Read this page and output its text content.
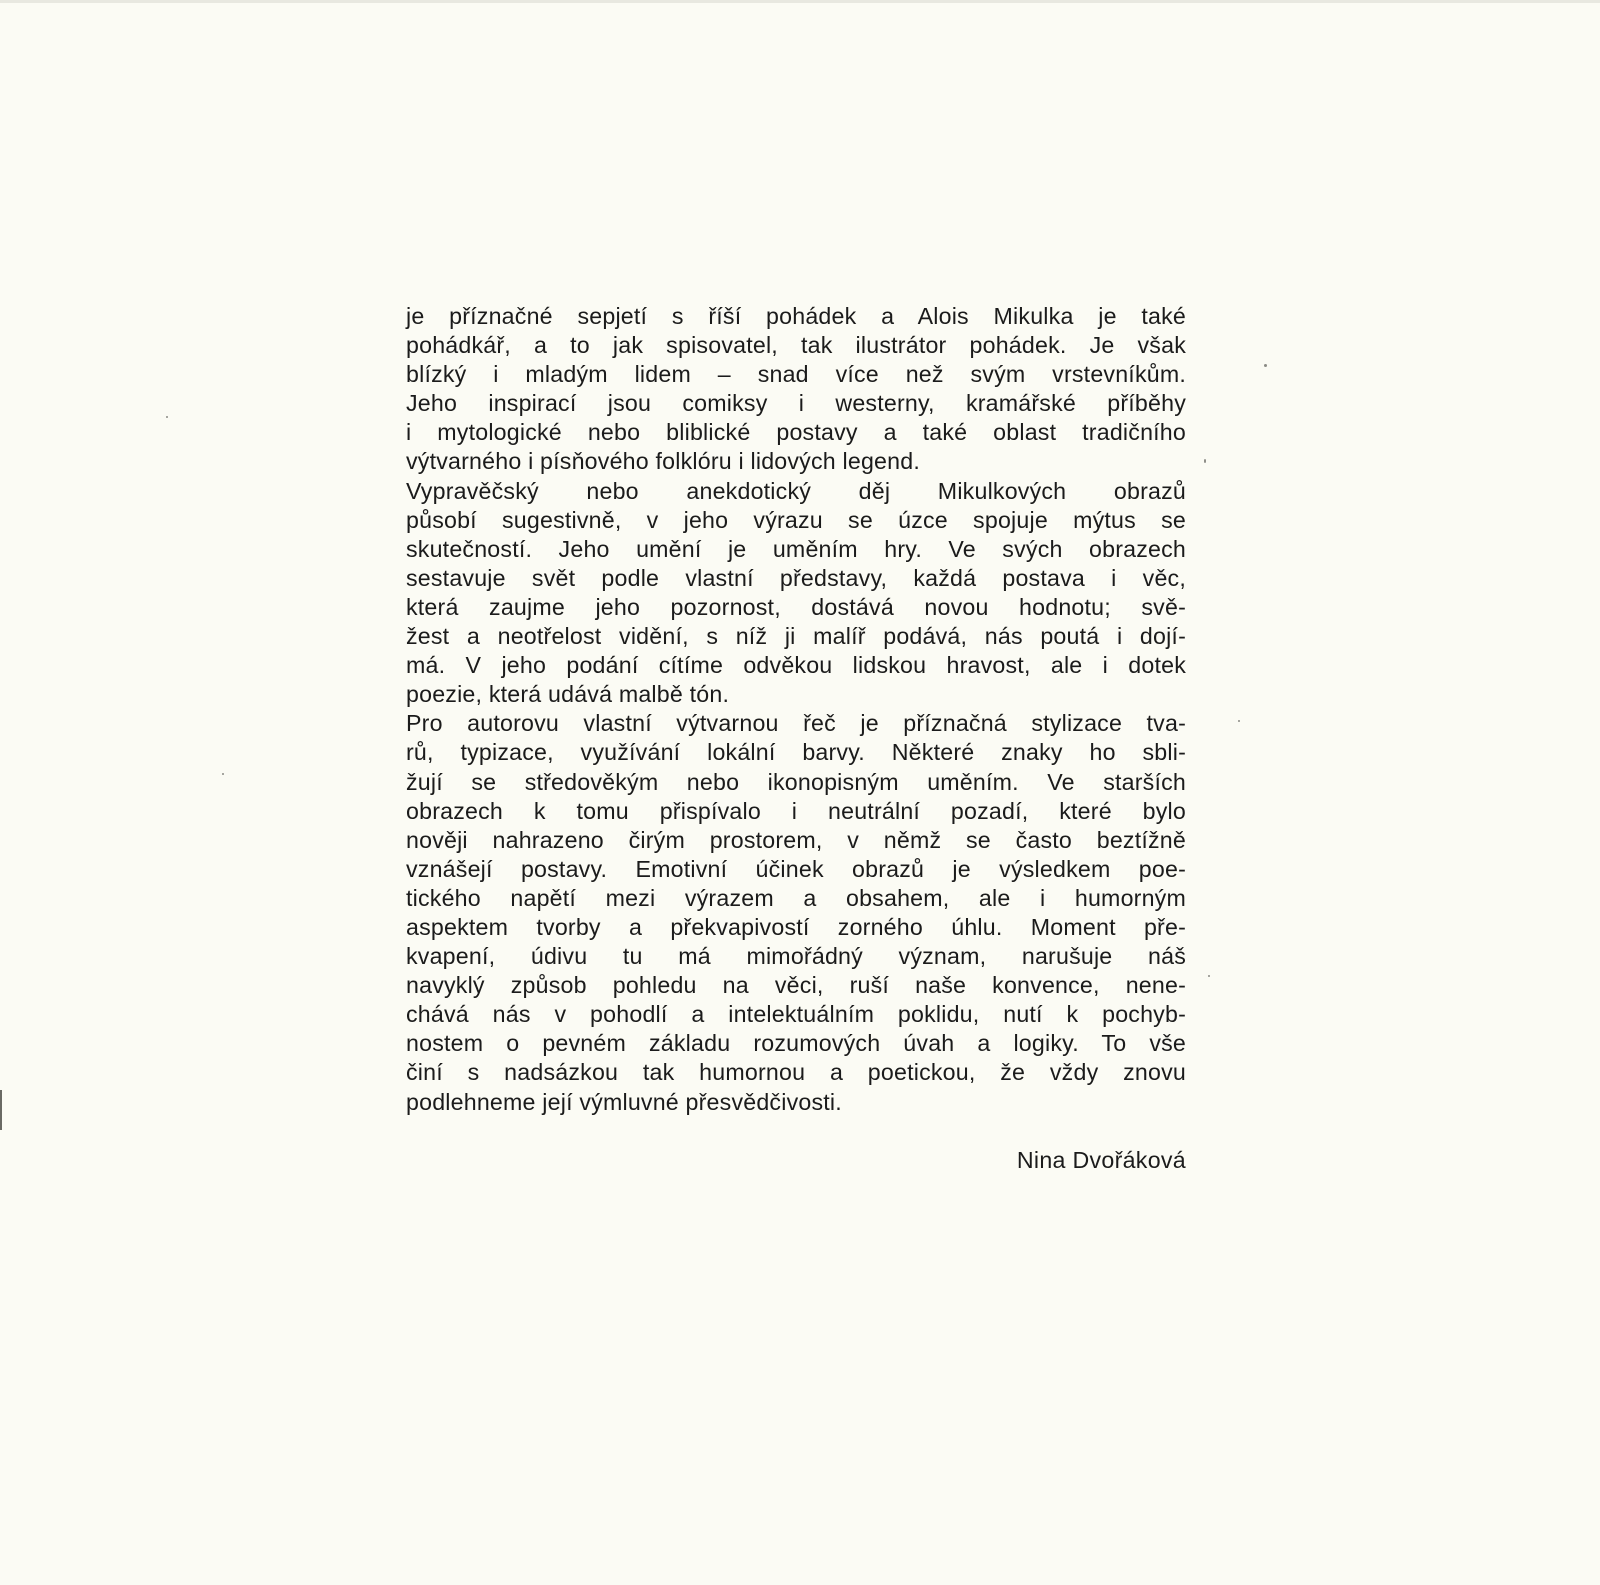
je příznačné sepjetí s říší pohádek a Alois Mikulka je také
pohádkář, a to jak spisovatel, tak ilustrátor pohádek. Je však
blízký i mladým lidem – snad více než svým vrstevníkům.
Jeho inspirací jsou comiksy i westerny, kramářské příběhy
i mytologické nebo bliblické postavy a také oblast tradičního
výtvarného i písňového folklóru i lidových legend.
Vypravěčský nebo anekdotický děj Mikulkových obrazů
působí sugestivně, v jeho výrazu se úzce spojuje mýtus se
skutečností. Jeho umění je uměním hry. Ve svých obrazech
sestavuje svět podle vlastní představy, každá postava i věc,
která zaujme jeho pozornost, dostává novou hodnotu; svě-
žest a neotřelost vidění, s níž ji malíř podává, nás poutá i dojí-
má. V jeho podání cítíme odvěkou lidskou hravost, ale i dotek
poezie, která udává malbě tón.
Pro autorovu vlastní výtvarnou řeč je příznačná stylizace tva-
rů, typizace, využívání lokální barvy. Některé znaky ho sbli-
žují se středověkým nebo ikonopisným uměním. Ve starších
obrazech k tomu přispívalo i neutrální pozadí, které bylo
nověji nahrazeno čirým prostorem, v němž se často beztížně
vznášejí postavy. Emotivní účinek obrazů je výsledkem poe-
tického napětí mezi výrazem a obsahem, ale i humorným
aspektem tvorby a překvapivostí zorného úhlu. Moment pře-
kvapení, údivu tu má mimořádný význam, narušuje náš
navyklý způsob pohledu na věci, ruší naše konvence, nene-
chává nás v pohodlí a intelektuálním poklidu, nutí k pochyb-
nostem o pevném základu rozumových úvah a logiky. To vše
činí s nadsázkou tak humornou a poetickou, že vždy znovu
podlehneme její výmluvné přesvědčivosti.
Nina Dvořáková
